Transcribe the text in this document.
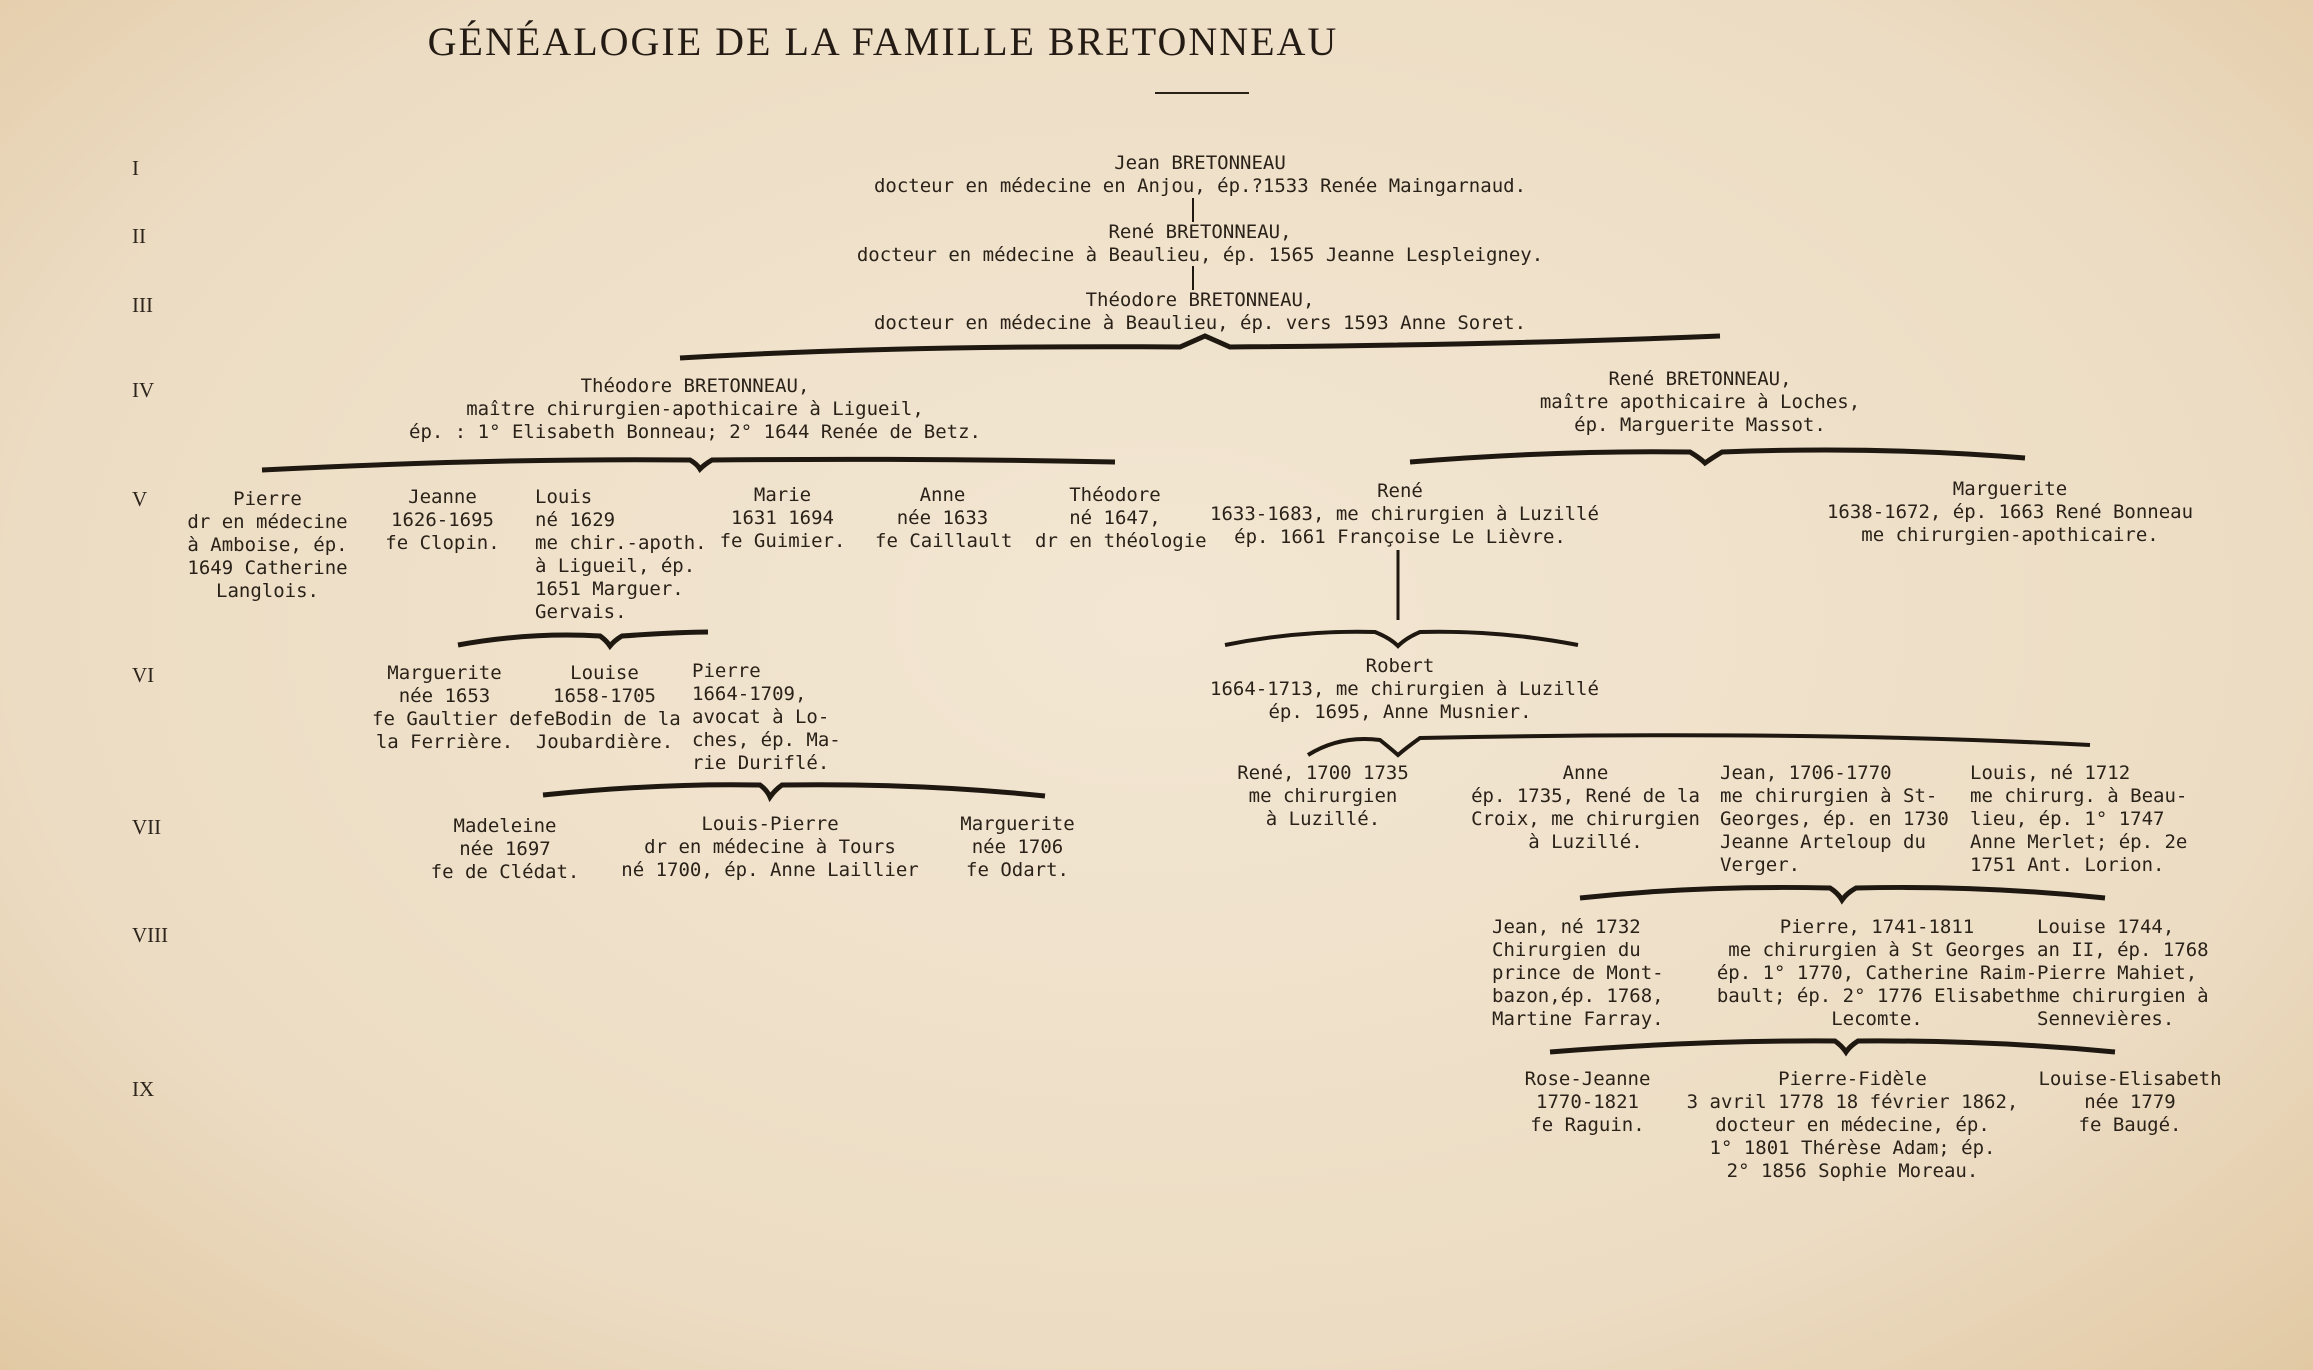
GÉNÉALOGIE DE LA FAMILLE BRETONNEAU
I
II
III
IV
V
VI
VII
VIII
IX
Jean BRETONNEAU
docteur en médecine en Anjou, ép.?1533 Renée Maingarnaud.
René BRETONNEAU,
docteur en médecine à Beaulieu, ép. 1565 Jeanne Lespleigney.
Théodore BRETONNEAU,
docteur en médecine à Beaulieu, ép. vers 1593 Anne Soret.
Théodore BRETONNEAU,
maître chirurgien-apothicaire à Ligueil,
ép. : 1° Elisabeth Bonneau; 2° 1644 Renée de Betz.
René BRETONNEAU,
maître apothicaire à Loches,
ép. Marguerite Massot.
Pierre
dr en médecine
à Amboise, ép.
1649 Catherine
Langlois.
Jeanne
1626-1695
fe Clopin.
Louis
né 1629
me chir.-apoth.
à Ligueil, ép.
1651 Marguer.
Gervais.
Marie
1631 1694
fe Guimier.
Anne
née 1633
fe Caillault
Théodore
né 1647,
dr en théologie
René
1633-1683, me chirurgien à Luzillé
ép. 1661 Françoise Le Lièvre.
Marguerite
1638-1672, ép. 1663 René Bonneau
me chirurgien-apothicaire.
Marguerite
née 1653
fe Gaultier de
la Ferrière.
Louise
1658-1705
feBodin de la
Joubardière.
Pierre
1664-1709,
avocat à Lo-
ches, ép. Ma-
rie Duriflé.
Robert
1664-1713, me chirurgien à Luzillé
ép. 1695, Anne Musnier.
Madeleine
née 1697
fe de Clédat.
Louis-Pierre
dr en médecine à Tours
né 1700, ép. Anne Laillier
Marguerite
née 1706
fe Odart.
René, 1700 1735
me chirurgien
à Luzillé.
Anne
ép. 1735, René de la
Croix, me chirurgien
à Luzillé.
Jean, 1706-1770
me chirurgien à St-
Georges, ép. en 1730
Jeanne Arteloup du
Verger.
Louis, né 1712
me chirurg. à Beau-
lieu, ép. 1° 1747
Anne Merlet; ép. 2e
1751 Ant. Lorion.
Jean, né 1732
Chirurgien du
prince de Mont-
bazon,ép. 1768,
Martine Farray.
Pierre, 1741-1811
me chirurgien à St Georges
ép. 1° 1770, Catherine Raim-
bault; ép. 2° 1776 Elisabeth
Lecomte.
Louise 1744,
an II, ép. 1768
Pierre Mahiet,
me chirurgien à
Sennevières.
Rose-Jeanne
1770-1821
fe Raguin.
Pierre-Fidèle
3 avril 1778 18 février 1862,
docteur en médecine, ép.
1° 1801 Thérèse Adam; ép.
2° 1856 Sophie Moreau.
Louise-Elisabeth
née 1779
fe Baugé.
